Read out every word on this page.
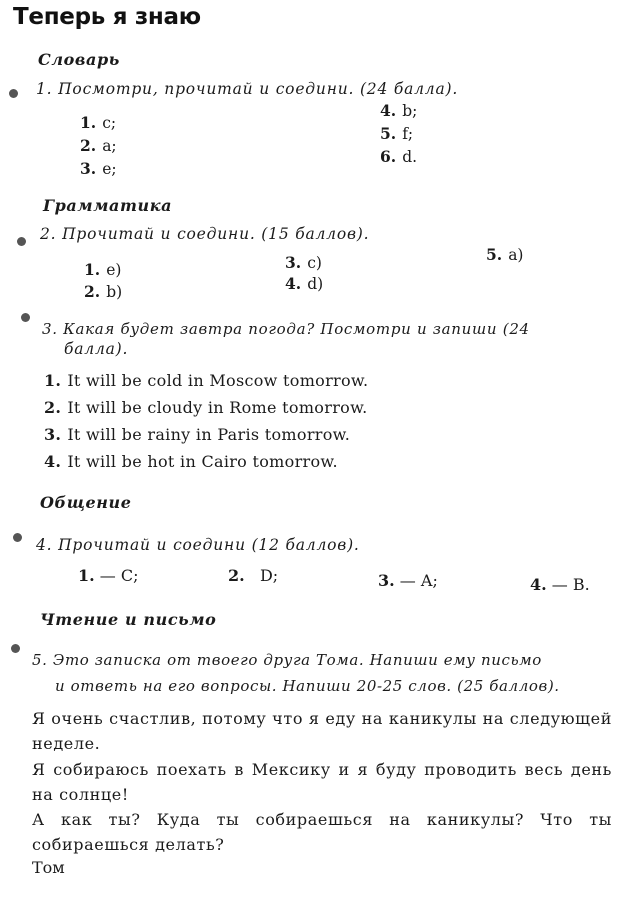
Теперь я знаю
Словарь
1. Посмотри, прочитай и соедини. (24 балла).
1. c;
2. a;
3. e;
4. b;
5. f;
6. d.
Грамматика
2. Прочитай и соедини. (15 баллов).
1. e)
2. b)
3. c)
4. d)
5. a)
3. Какая будет завтра погода? Посмотри и запиши (24
балла).
1. It will be cold in Moscow tomorrow.
2. It will be cloudy in Rome tomorrow.
3. It will be rainy in Paris tomorrow.
4. It will be hot in Cairo tomorrow.
Общение
4. Прочитай и соедини (12 баллов).
1. — C;	2. D;	3. — A;	4. — B.
Чтение и письмо
5. Это записка от твоего друга Тома. Напиши ему письмо
и ответь на его вопросы. Напиши 20-25 слов. (25 баллов).
Я очень счастлив, потому что я еду на каникулы на следующей неделе.
Я собираюсь поехать в Мексику и я буду проводить весь день на солнце!
А как ты? Куда ты собираешься на каникулы? Что ты собираешься делать?
Том
